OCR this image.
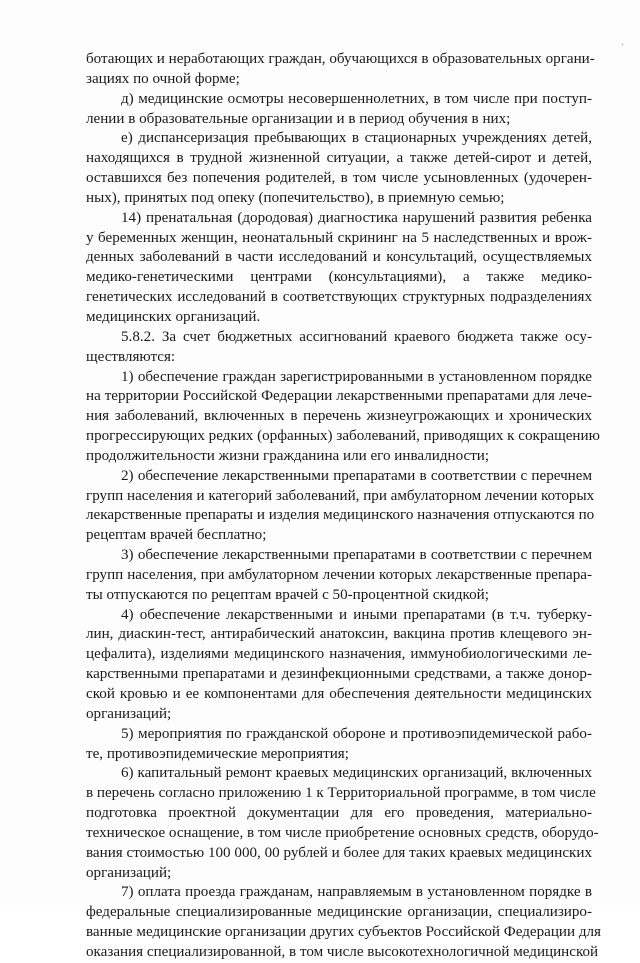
ботающих и неработающих граждан, обучающихся в образовательных органи-
зациях по очной форме;
д) медицинские осмотры несовершеннолетних, в том числе при поступ-
лении в образовательные организации и в период обучения в них;
е) диспансеризация пребывающих в стационарных учреждениях детей,
находящихся в трудной жизненной ситуации, а также детей-сирот и детей,
оставшихся без попечения родителей, в том числе усыновленных (удочерен-
ных), принятых под опеку (попечительство), в приемную семью;
14) пренатальная (дородовая) диагностика нарушений развития ребенка
у беременных женщин, неонатальный скрининг на 5 наследственных и врож-
денных заболеваний в части исследований и консультаций, осуществляемых
медико-генетическими центрами (консультациями), а также медико-
генетических исследований в соответствующих структурных подразделениях
медицинских организаций.
5.8.2. За счет бюджетных ассигнований краевого бюджета также осу-
ществляются:
1) обеспечение граждан зарегистрированными в установленном порядке
на территории Российской Федерации лекарственными препаратами для лече-
ния заболеваний, включенных в перечень жизнеугрожающих и хронических
прогрессирующих редких (орфанных) заболеваний, приводящих к сокращению
продолжительности жизни гражданина или его инвалидности;
2) обеспечение лекарственными препаратами в соответствии с перечнем
групп населения и категорий заболеваний, при амбулаторном лечении которых
лекарственные препараты и изделия медицинского назначения отпускаются по
рецептам врачей бесплатно;
3) обеспечение лекарственными препаратами в соответствии с перечнем
групп населения, при амбулаторном лечении которых лекарственные препара-
ты отпускаются по рецептам врачей с 50-процентной скидкой;
4) обеспечение лекарственными и иными препаратами (в т.ч. туберку-
лин, диаскин-тест, антирабический анатоксин, вакцина против клещевого эн-
цефалита), изделиями медицинского назначения, иммунобиологическими ле-
карственными препаратами и дезинфекционными средствами, а также донор-
ской кровью и ее компонентами для обеспечения деятельности медицинских
организаций;
5) мероприятия по гражданской обороне и противоэпидемической рабо-
те, противоэпидемические мероприятия;
6) капитальный ремонт краевых медицинских организаций, включенных
в перечень согласно приложению 1 к Территориальной программе, в том числе
подготовка проектной документации для его проведения, материально-
техническое оснащение, в том числе приобретение основных средств, оборудо-
вания стоимостью 100 000, 00 рублей и более для таких краевых медицинских
организаций;
7) оплата проезда гражданам, направляемым в установленном порядке в
федеральные специализированные медицинские организации, специализиро-
ванные медицинские организации других субъектов Российской Федерации для
оказания специализированной, в том числе высокотехнологичной медицинской
ˊ
